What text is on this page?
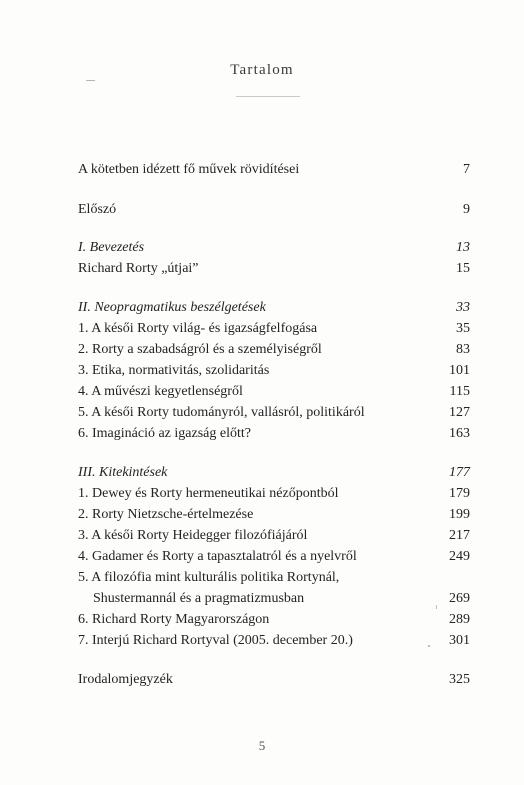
Tartalom
A kötetben idézett fő művek rövidítései	7
Előszó	9
I. Bevezetés	13
Richard Rorty „útjai”	15
II. Neopragmatikus beszélgetések	33
1. A késői Rorty világ- és igazságfelfogása	35
2. Rorty a szabadságról és a személyiségről	83
3. Etika, normativitás, szolidaritás	101
4. A művészi kegyetlenségről	115
5. A késői Rorty tudományról, vallásról, politikáról	127
6. Imagináció az igazság előtt?	163
III. Kitekintések	177
1. Dewey és Rorty hermeneutikai nézőpontból	179
2. Rorty Nietzsche-értelmezése	199
3. A késői Rorty Heidegger filozófiájáról	217
4. Gadamer és Rorty a tapasztalatról és a nyelvről	249
5. A filozófia mint kulturális politika Rortynál,
Shustermannál és a pragmatizmusban	269
6. Richard Rorty Magyarországon	289
7. Interjú Richard Rortyval (2005. december 20.)	301
Irodalomjegyzék	325
5
